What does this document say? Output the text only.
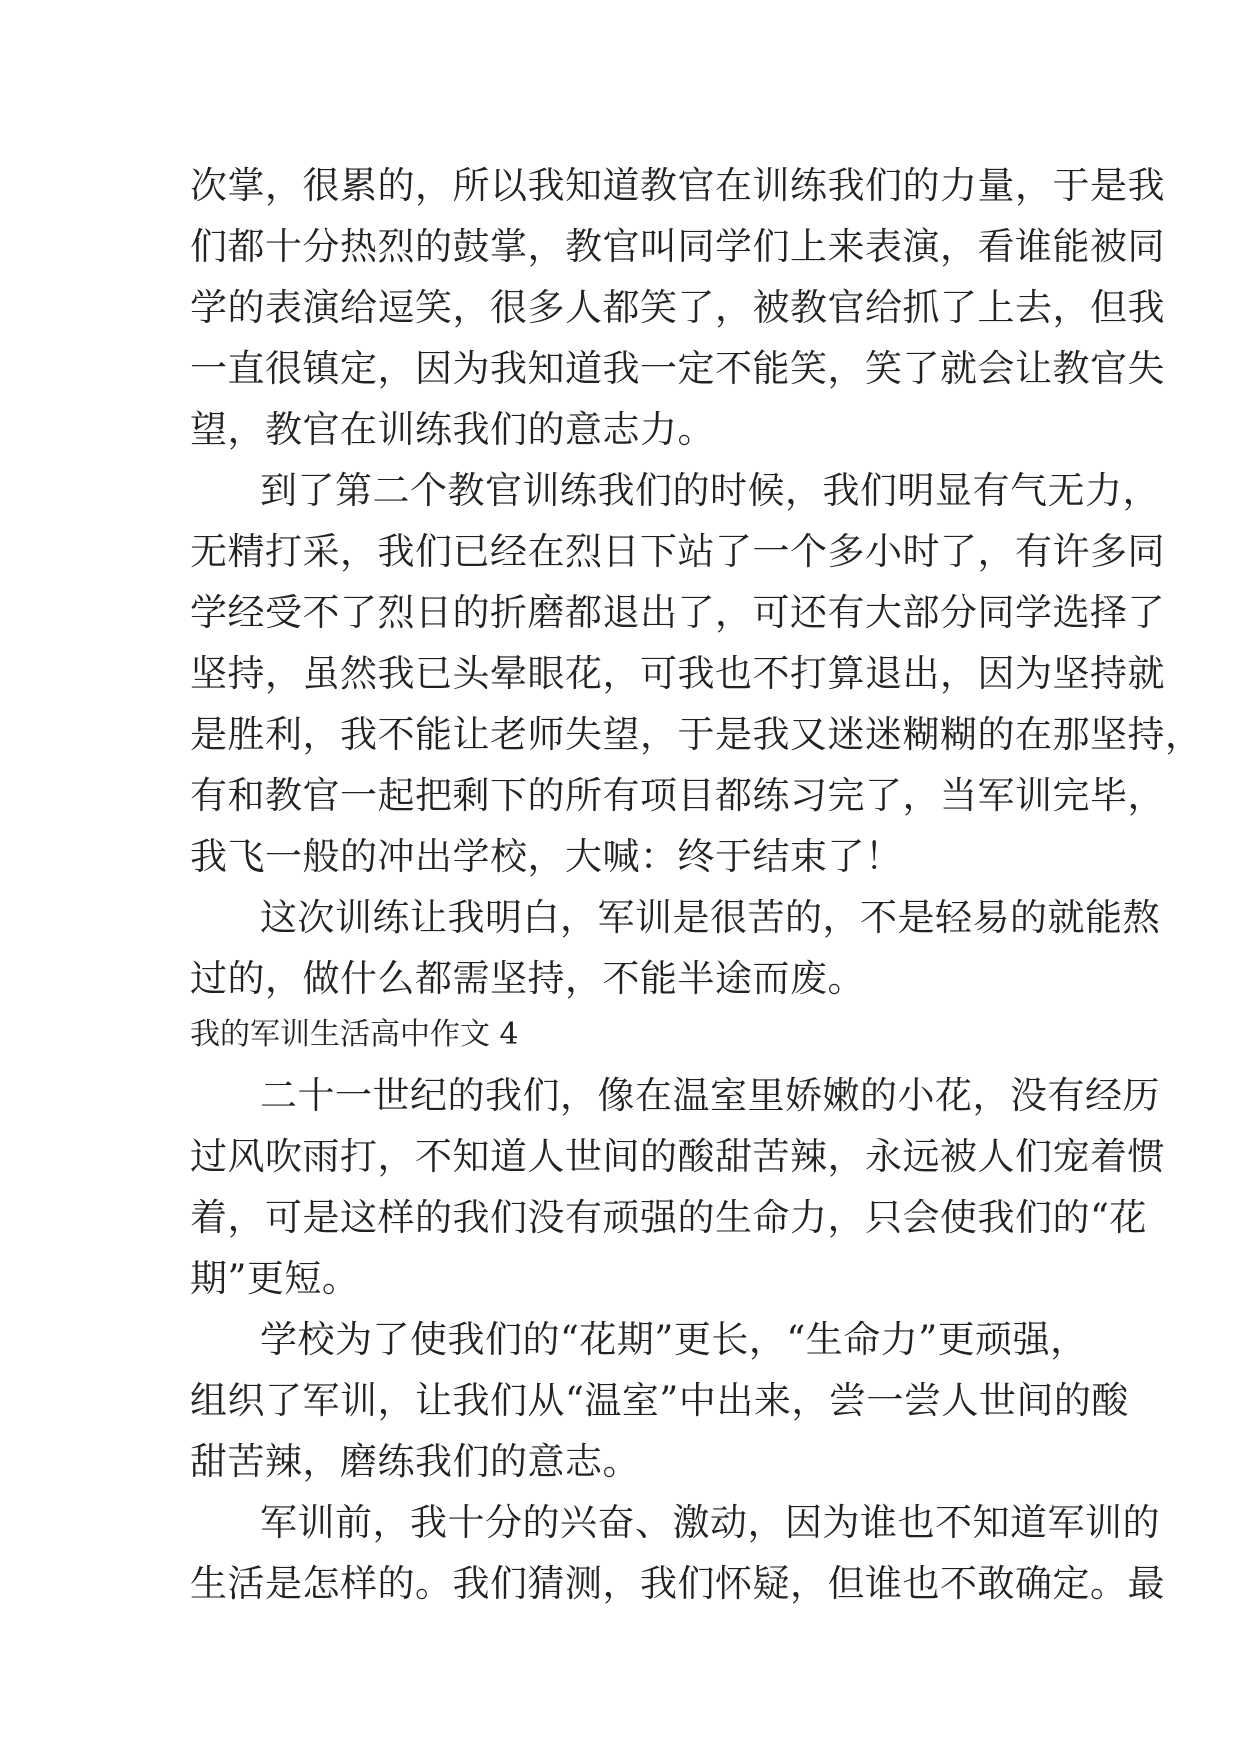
次掌，很累的，所以我知道教官在训练我们的力量，于是我
们都十分热烈的鼓掌，教官叫同学们上来表演，看谁能被同
学的表演给逗笑，很多人都笑了，被教官给抓了上去，但我
一直很镇定，因为我知道我一定不能笑，笑了就会让教官失
望，教官在训练我们的意志力。
到了第二个教官训练我们的时候，我们明显有气无力，
无精打采，我们已经在烈日下站了一个多小时了，有许多同
学经受不了烈日的折磨都退出了，可还有大部分同学选择了
坚持，虽然我已头晕眼花，可我也不打算退出，因为坚持就
是胜利，我不能让老师失望，于是我又迷迷糊糊的在那坚持，
有和教官一起把剩下的所有项目都练习完了，当军训完毕，
我飞一般的冲出学校，大喊：终于结束了！
这次训练让我明白，军训是很苦的，不是轻易的就能熬
过的，做什么都需坚持，不能半途而废。
我的军训生活高中作文 4
二十一世纪的我们，像在温室里娇嫩的小花，没有经历
过风吹雨打，不知道人世间的酸甜苦辣，永远被人们宠着惯
着，可是这样的我们没有顽强的生命力，只会使我们的“花
期”更短。
学校为了使我们的“花期”更长，“生命力”更顽强，
组织了军训，让我们从“温室”中出来，尝一尝人世间的酸
甜苦辣，磨练我们的意志。
军训前，我十分的兴奋、激动，因为谁也不知道军训的
生活是怎样的。我们猜测，我们怀疑，但谁也不敢确定。最
